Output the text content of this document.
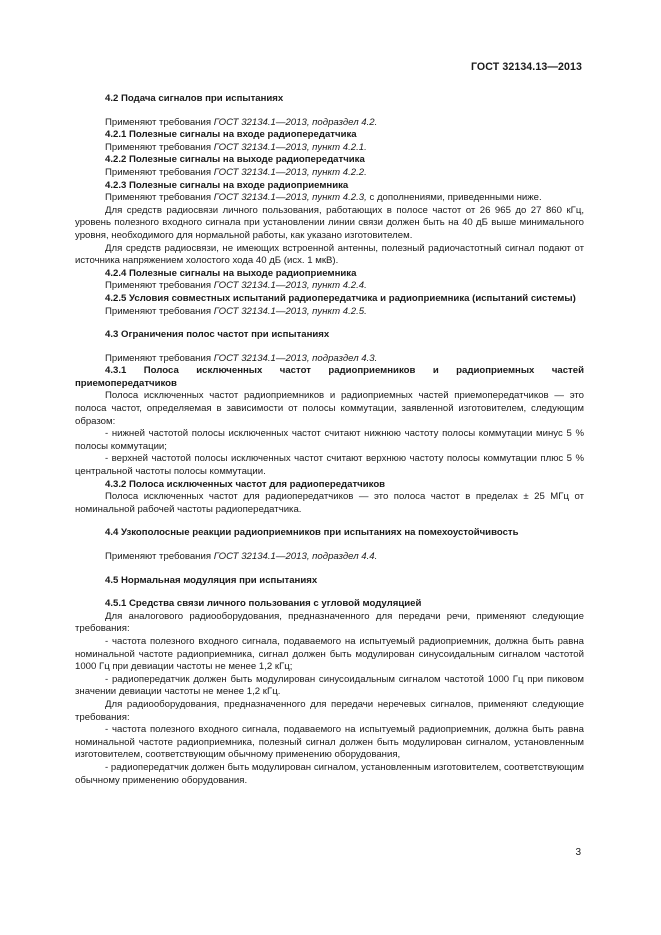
ГОСТ 32134.13—2013

4.2 Подача сигналов при испытаниях

Применяют требования ГОСТ 32134.1—2013, подраздел 4.2.

4.2.1 Полезные сигналы на входе радиопередатчика

Применяют требования ГОСТ 32134.1—2013, пункт 4.2.1.

4.2.2 Полезные сигналы на выходе радиопередатчика

Применяют требования ГОСТ 32134.1—2013, пункт 4.2.2.

4.2.3 Полезные сигналы на входе радиоприемника

Применяют требования ГОСТ 32134.1—2013, пункт 4.2.3, с дополнениями, приведенными ниже.

Для средств радиосвязи личного пользования, работающих в полосе частот от 26 965 до 27 860 кГц, уровень полезного входного сигнала при установлении линии связи должен быть на 40 дБ выше минимального уровня, необходимого для нормальной работы, как указано изготовителем.

Для средств радиосвязи, не имеющих встроенной антенны, полезный радиочастотный сигнал подают от источника напряжением холостого хода 40 дБ (исх. 1 мкВ).

4.2.4 Полезные сигналы на выходе радиоприемника

Применяют требования ГОСТ 32134.1—2013, пункт 4.2.4.

4.2.5 Условия совместных испытаний радиопередатчика и радиоприемника (испытаний системы)

Применяют требования ГОСТ 32134.1—2013, пункт 4.2.5.

4.3 Ограничения полос частот при испытаниях

Применяют требования ГОСТ 32134.1—2013, подраздел 4.3.

4.3.1 Полоса исключенных частот радиоприемников и радиоприемных частей приемопередатчиков

Полоса исключенных частот радиоприемников и радиоприемных частей приемопередатчиков — это полоса частот, определяемая в зависимости от полосы коммутации, заявленной изготовителем, следующим образом:

- нижней частотой полосы исключенных частот считают нижнюю частоту полосы коммутации минус 5 % полосы коммутации;

- верхней частотой полосы исключенных частот считают верхнюю частоту полосы коммутации плюс 5 % центральной частоты полосы коммутации.

4.3.2 Полоса исключенных частот для радиопередатчиков

Полоса исключенных частот для радиопередатчиков — это полоса частот в пределах ± 25 МГц от номинальной рабочей частоты радиопередатчика.

4.4 Узкополосные реакции радиоприемников при испытаниях на помехоустойчивость

Применяют требования ГОСТ 32134.1—2013, подраздел 4.4.

4.5 Нормальная модуляция при испытаниях

4.5.1 Средства связи личного пользования с угловой модуляцией

Для аналогового радиооборудования, предназначенного для передачи речи, применяют следующие требования:

- частота полезного входного сигнала, подаваемого на испытуемый радиоприемник, должна быть равна номинальной частоте радиоприемника, сигнал должен быть модулирован синусоидальным сигналом частотой 1000 Гц при девиации частоты не менее 1,2 кГц;

- радиопередатчик должен быть модулирован синусоидальным сигналом частотой 1000 Гц при пиковом значении девиации частоты не менее 1,2 кГц.

Для радиооборудования, предназначенного для передачи неречевых сигналов, применяют следующие требования:

- частота полезного входного сигнала, подаваемого на испытуемый радиоприемник, должна быть равна номинальной частоте радиоприемника, полезный сигнал должен быть модулирован сигналом, установленным изготовителем, соответствующим обычному применению оборудования,

- радиопередатчик должен быть модулирован сигналом, установленным изготовителем, соответствующим обычному применению оборудования.

3
